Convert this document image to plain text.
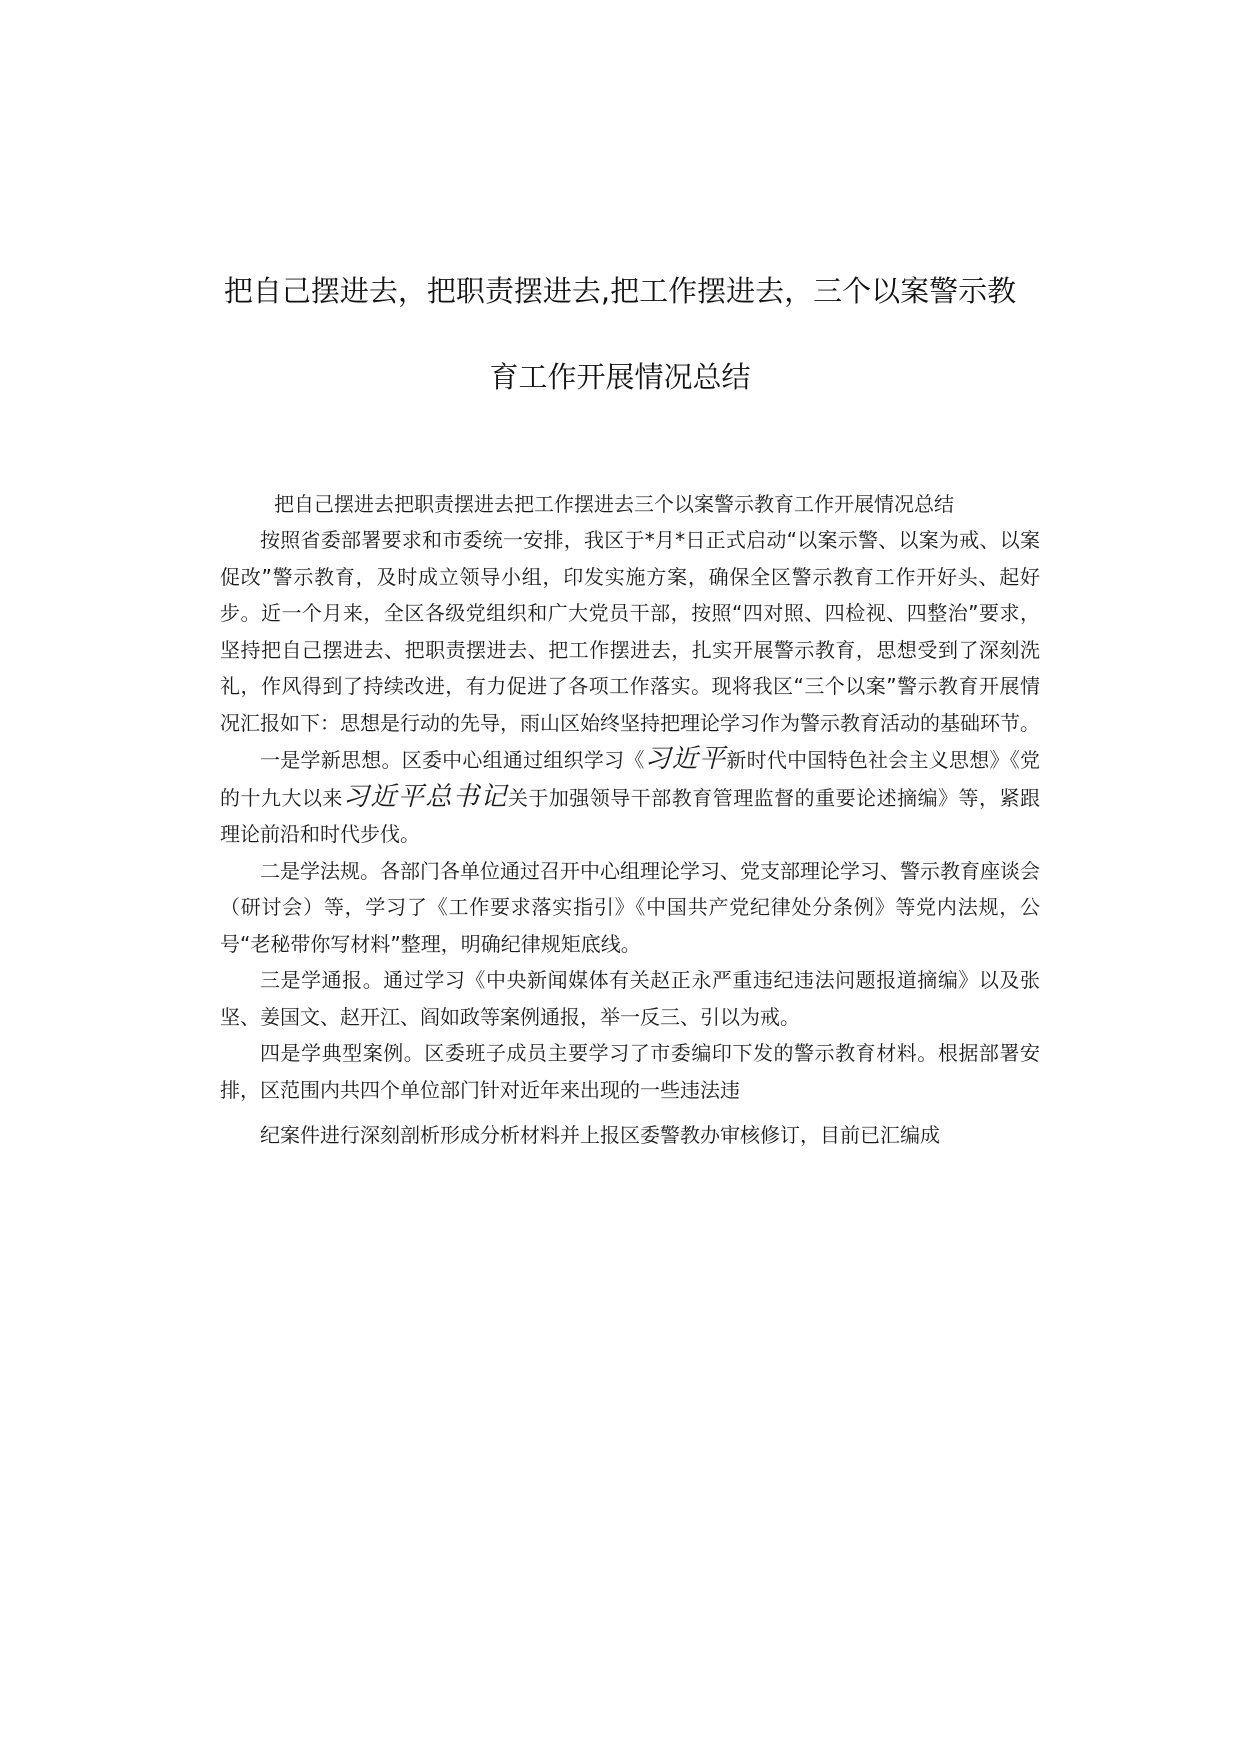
把自己摆进去，把职责摆进去,把工作摆进去，三个以案警示教育工作开展情况总结

把自己摆进去把职责摆进去把工作摆进去三个以案警示教育工作开展情况总结

按照省委部署要求和市委统一安排，我区于*月*日正式启动“以案示警、以案为戒、以案促改”警示教育，及时成立领导小组，印发实施方案，确保全区警示教育工作开好头、起好步。近一个月来，全区各级党组织和广大党员干部，按照“四对照、四检视、四整治”要求，坚持把自己摆进去、把职责摆进去、把工作摆进去，扎实开展警示教育，思想受到了深刻洗礼，作风得到了持续改进，有力促进了各项工作落实。现将我区“三个以案”警示教育开展情况汇报如下：思想是行动的先导，雨山区始终坚持把理论学习作为警示教育活动的基础环节。

一是学新思想。区委中心组通过组织学习《习近平新时代中国特色社会主义思想》《党的十九大以来习近平总书记关于加强领导干部教育管理监督的重要论述摘编》等，紧跟理论前沿和时代步伐。

二是学法规。各部门各单位通过召开中心组理论学习、党支部理论学习、警示教育座谈会（研讨会）等，学习了《工作要求落实指引》《中国共产党纪律处分条例》等党内法规，公号“老秘带你写材料”整理，明确纪律规矩底线。

三是学通报。通过学习《中央新闻媒体有关赵正永严重违纪违法问题报道摘编》以及张坚、姜国文、赵开江、阎如政等案例通报，举一反三、引以为戒。

四是学典型案例。区委班子成员主要学习了市委编印下发的警示教育材料。根据部署安排，区范围内共四个单位部门针对近年来出现的一些违法违

纪案件进行深刻剖析形成分析材料并上报区委警教办审核修订，目前已汇编成
